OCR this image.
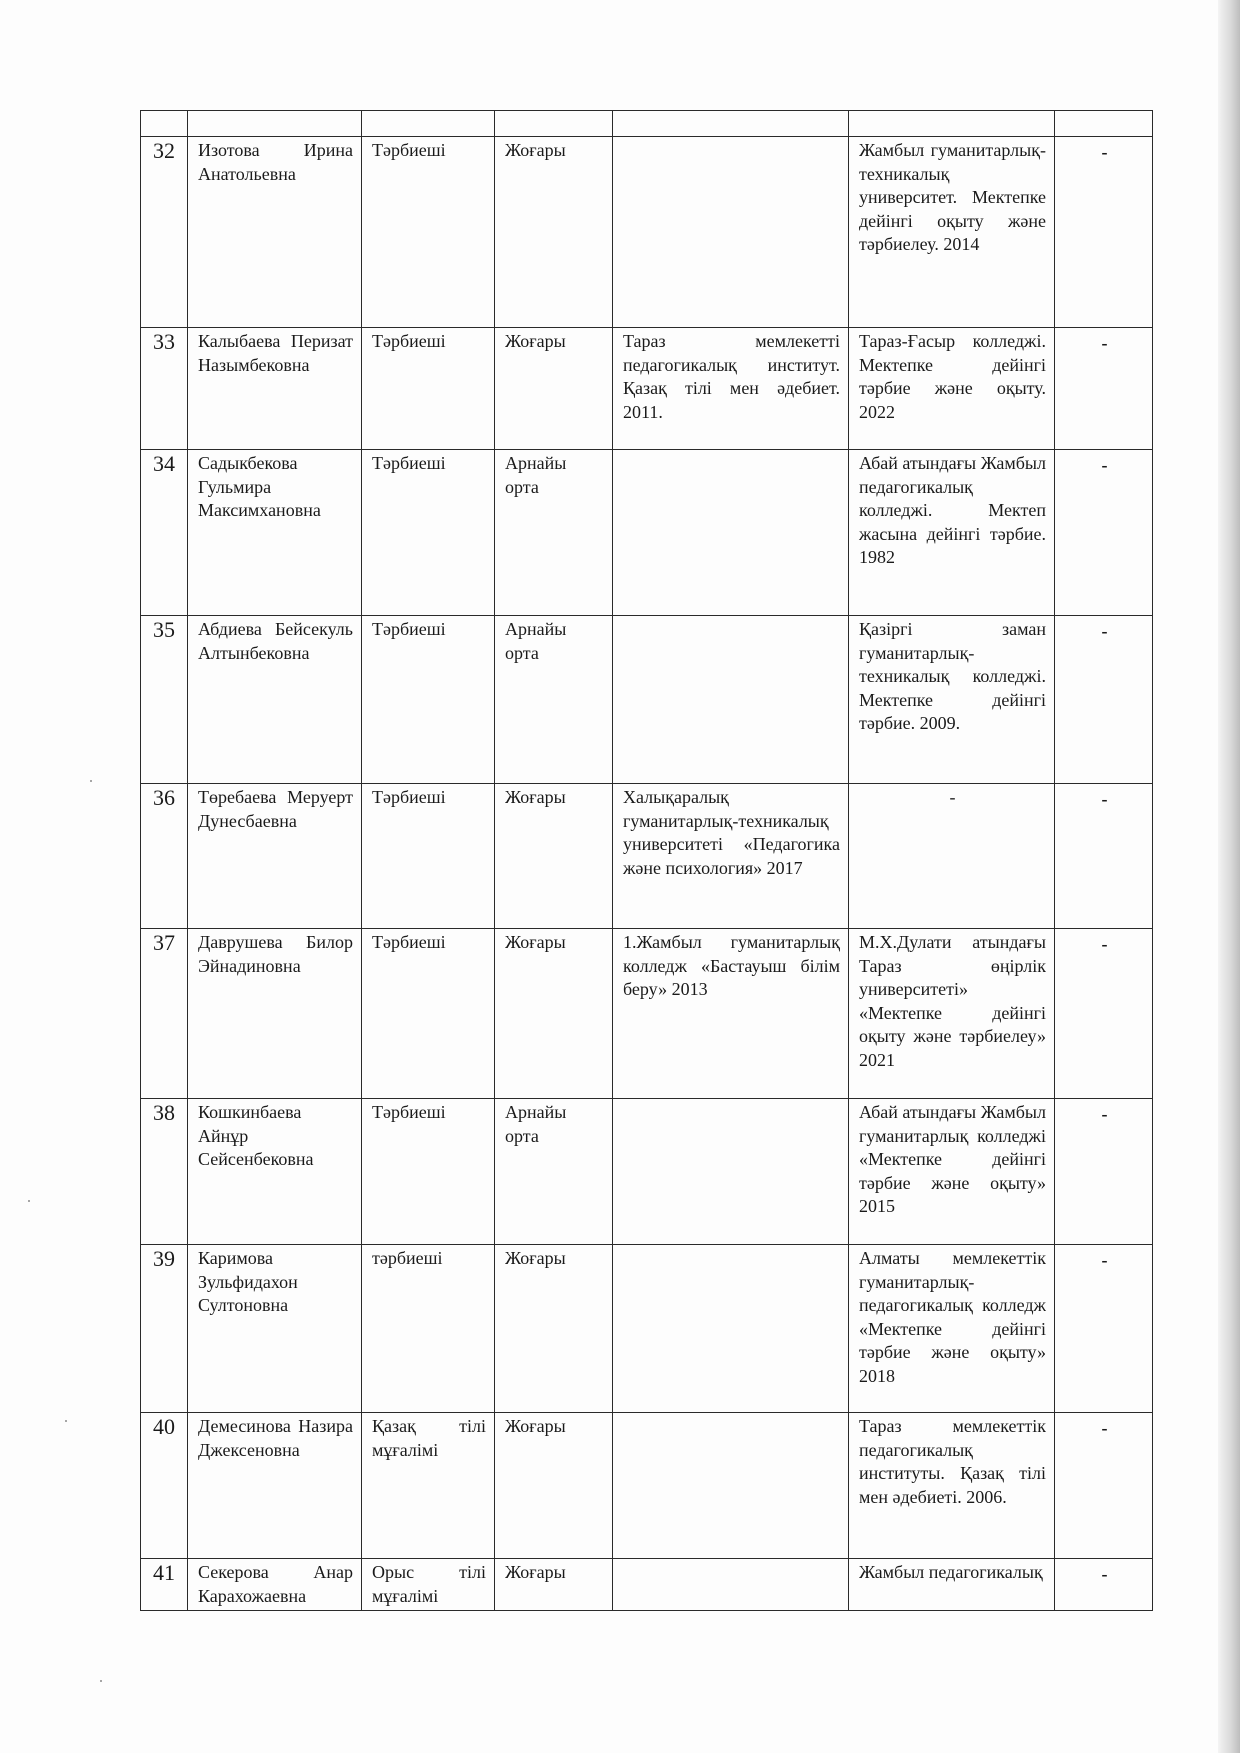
32	Изотова Ирина Анатольевна	Тәрбиеші	Жоғары		Жамбыл гуманитарлық-техникалық университет. Мектепке дейінгі оқыту және тәрбиелеу. 2014	-
33	Калыбаева Перизат Назымбековна	Тәрбиеші	Жоғары	Тараз мемлекетті педагогикалық институт. Қазақ тілі мен әдебиет. 2011.	Тараз-Ғасыр колледжі. Мектепке дейінгі тәрбие және оқыту. 2022	-
34	Садыкбекова Гульмира Максимхановна	Тәрбиеші	Арнайы орта		Абай атындағы Жамбыл педагогикалық колледжі. Мектеп жасына дейінгі тәрбие. 1982	-
35	Абдиева Бейсекуль Алтынбековна	Тәрбиеші	Арнайы орта		Қазіргі заман гуманитарлық-техникалық колледжі. Мектепке дейінгі тәрбие. 2009.	-
36	Төребаева Меруерт Дунесбаевна	Тәрбиеші	Жоғары	Халықаралық гуманитарлық-техникалық университеті «Педагогика және психология» 2017	-	-
37	Даврушева Билор Эйнадиновна	Тәрбиеші	Жоғары	1.Жамбыл гуманитарлық колледж «Бастауыш білім беру» 2013	М.Х.Дулати атындағы Тараз өңірлік университеті» «Мектепке дейінгі оқыту және тәрбиелеу» 2021	-
38	Кошкинбаева Айнұр Сейсенбековна	Тәрбиеші	Арнайы орта		Абай атындағы Жамбыл гуманитарлық колледжі «Мектепке дейінгі тәрбие және оқыту» 2015	-
39	Каримова Зульфидахон Султоновна	тәрбиеші	Жоғары		Алматы мемлекеттік гуманитарлық-педагогикалық колледж «Мектепке дейінгі тәрбие және оқыту» 2018	-
40	Демесинова Назира Джексеновна	Қазақ тілі мұғалімі	Жоғары		Тараз мемлекеттік педагогикалық институты. Қазақ тілі мен әдебиеті. 2006.	-
41	Секерова Анар Карахожаевна	Орыс тілі мұғалімі	Жоғары		Жамбыл педагогикалық	-
